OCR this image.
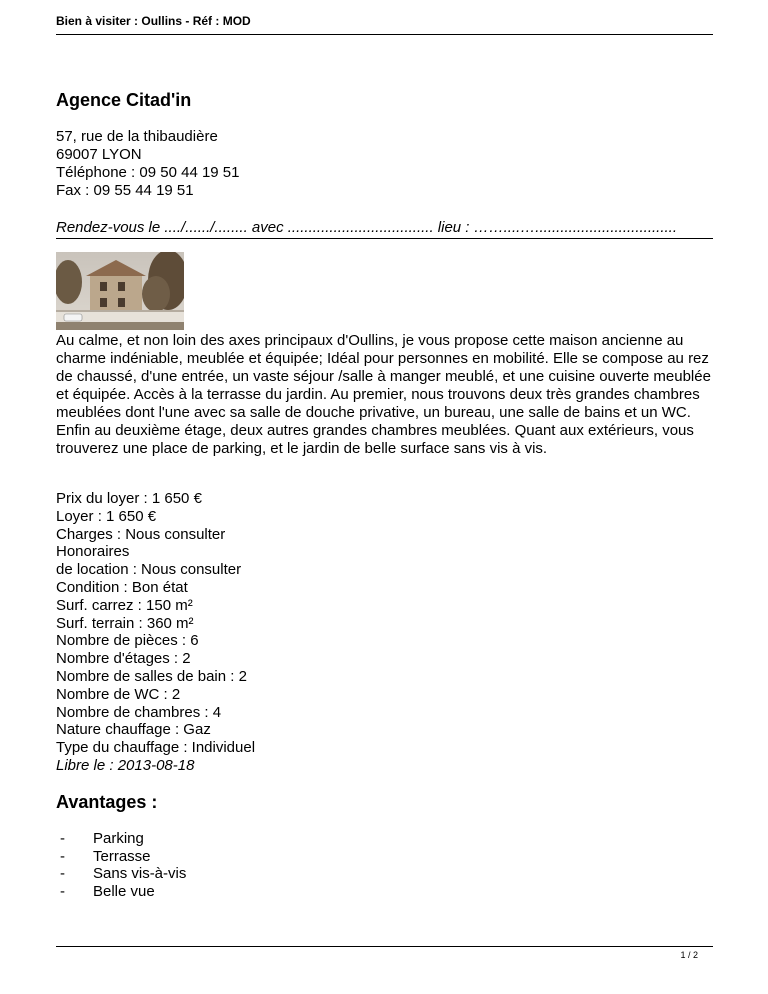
Bien à visiter : Oullins - Réf : MOD
Agence Citad'in
57, rue de la thibaudière
69007 LYON
Téléphone : 09 50 44 19 51
Fax : 09 55 44 19 51
Rendez-vous le ..../....../........ avec ................................... lieu : ……....…..................................
Au calme, et non loin des axes principaux d'Oullins, je vous propose cette maison ancienne au charme indéniable, meublée et équipée; Idéal pour personnes en mobilité. Elle se compose au rez de chaussé, d'une entrée, un vaste séjour /salle à manger meublé, et une cuisine ouverte meublée et équipée. Accès à la terrasse du jardin. Au premier, nous trouvons deux très grandes chambres meublées dont l'une avec sa salle de douche privative, un bureau, une salle de bains et un WC. Enfin au deuxième étage, deux autres grandes chambres meublées. Quant aux extérieurs, vous trouverez une place de parking, et le jardin de belle surface sans vis à vis.
Prix du loyer : 1 650 €
Loyer : 1 650 €
Charges : Nous consulter
Honoraires
de location : Nous consulter
Condition : Bon état
Surf. carrez : 150 m²
Surf. terrain : 360 m²
Nombre de pièces : 6
Nombre d'étages : 2
Nombre de salles de bain : 2
Nombre de WC : 2
Nombre de chambres : 4
Nature chauffage : Gaz
Type du chauffage : Individuel
Libre le : 2013-08-18
Avantages :
- Parking
- Terrasse
- Sans vis-à-vis
- Belle vue
1 / 2
